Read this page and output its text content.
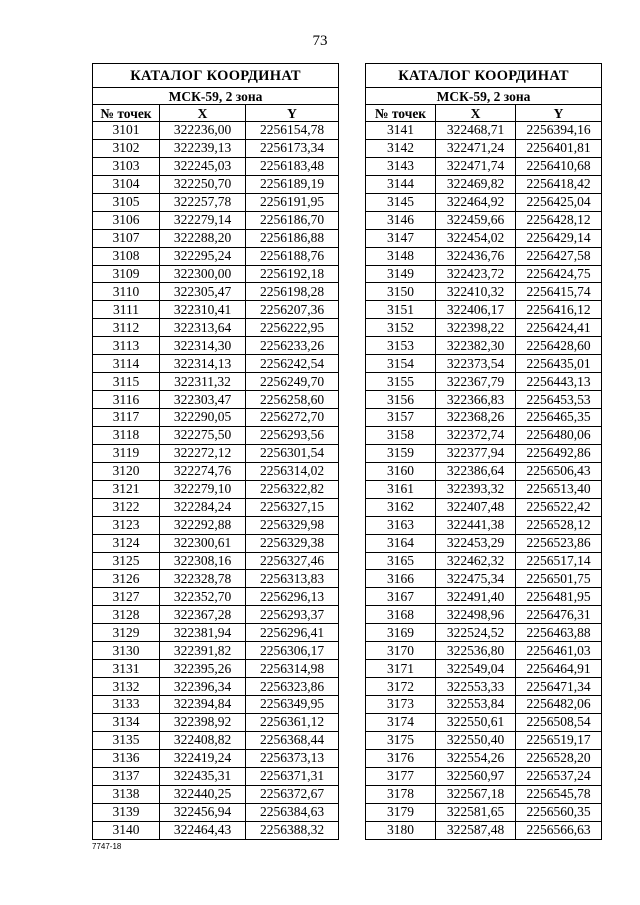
73
КАТАЛОГ КООРДИНАТ		
МСК-59, 2 зона		
№ точек	X	Y
3101	322236,00	2256154,78
3102	322239,13	2256173,34
3103	322245,03	2256183,48
3104	322250,70	2256189,19
3105	322257,78	2256191,95
3106	322279,14	2256186,70
3107	322288,20	2256186,88
3108	322295,24	2256188,76
3109	322300,00	2256192,18
3110	322305,47	2256198,28
3111	322310,41	2256207,36
3112	322313,64	2256222,95
3113	322314,30	2256233,26
3114	322314,13	2256242,54
3115	322311,32	2256249,70
3116	322303,47	2256258,60
3117	322290,05	2256272,70
3118	322275,50	2256293,56
3119	322272,12	2256301,54
3120	322274,76	2256314,02
3121	322279,10	2256322,82
3122	322284,24	2256327,15
3123	322292,88	2256329,98
3124	322300,61	2256329,38
3125	322308,16	2256327,46
3126	322328,78	2256313,83
3127	322352,70	2256296,13
3128	322367,28	2256293,37
3129	322381,94	2256296,41
3130	322391,82	2256306,17
3131	322395,26	2256314,98
3132	322396,34	2256323,86
3133	322394,84	2256349,95
3134	322398,92	2256361,12
3135	322408,82	2256368,44
3136	322419,24	2256373,13
3137	322435,31	2256371,31
3138	322440,25	2256372,67
3139	322456,94	2256384,63
3140	322464,43	2256388,32
КАТАЛОГ КООРДИНАТ		
МСК-59, 2 зона		
№ точек	X	Y
3141	322468,71	2256394,16
3142	322471,24	2256401,81
3143	322471,74	2256410,68
3144	322469,82	2256418,42
3145	322464,92	2256425,04
3146	322459,66	2256428,12
3147	322454,02	2256429,14
3148	322436,76	2256427,58
3149	322423,72	2256424,75
3150	322410,32	2256415,74
3151	322406,17	2256416,12
3152	322398,22	2256424,41
3153	322382,30	2256428,60
3154	322373,54	2256435,01
3155	322367,79	2256443,13
3156	322366,83	2256453,53
3157	322368,26	2256465,35
3158	322372,74	2256480,06
3159	322377,94	2256492,86
3160	322386,64	2256506,43
3161	322393,32	2256513,40
3162	322407,48	2256522,42
3163	322441,38	2256528,12
3164	322453,29	2256523,86
3165	322462,32	2256517,14
3166	322475,34	2256501,75
3167	322491,40	2256481,95
3168	322498,96	2256476,31
3169	322524,52	2256463,88
3170	322536,80	2256461,03
3171	322549,04	2256464,91
3172	322553,33	2256471,34
3173	322553,84	2256482,06
3174	322550,61	2256508,54
3175	322550,40	2256519,17
3176	322554,26	2256528,20
3177	322560,97	2256537,24
3178	322567,18	2256545,78
3179	322581,65	2256560,35
3180	322587,48	2256566,63
7747-18
